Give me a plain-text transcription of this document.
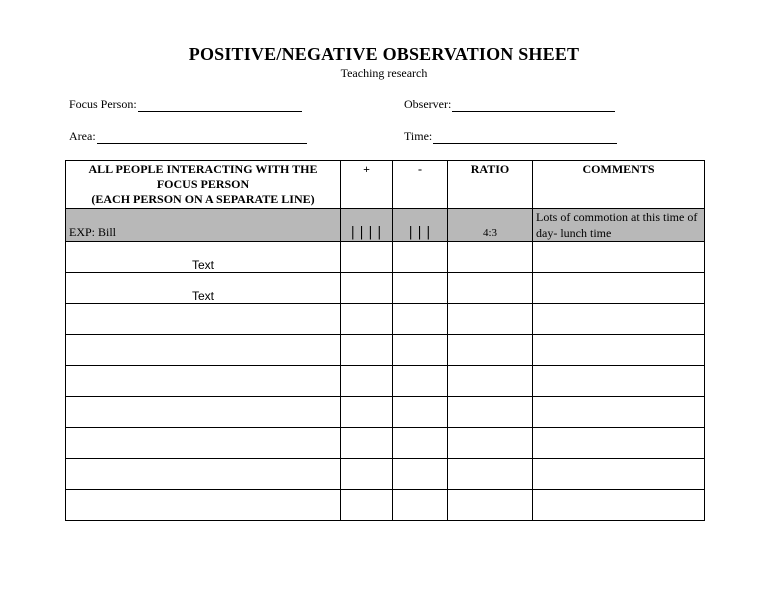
POSITIVE/NEGATIVE OBSERVATION SHEET
Teaching research
Focus Person:	Observer:
Area:	Time:
ALL PEOPLE INTERACTING WITH THE
FOCUS PERSON
(EACH PERSON ON A SEPARATE LINE)	+	-	RATIO	COMMENTS
EXP: Bill	||||	|||	4:3	Lots of commotion at this time of day- lunch time
Text				
Text				
